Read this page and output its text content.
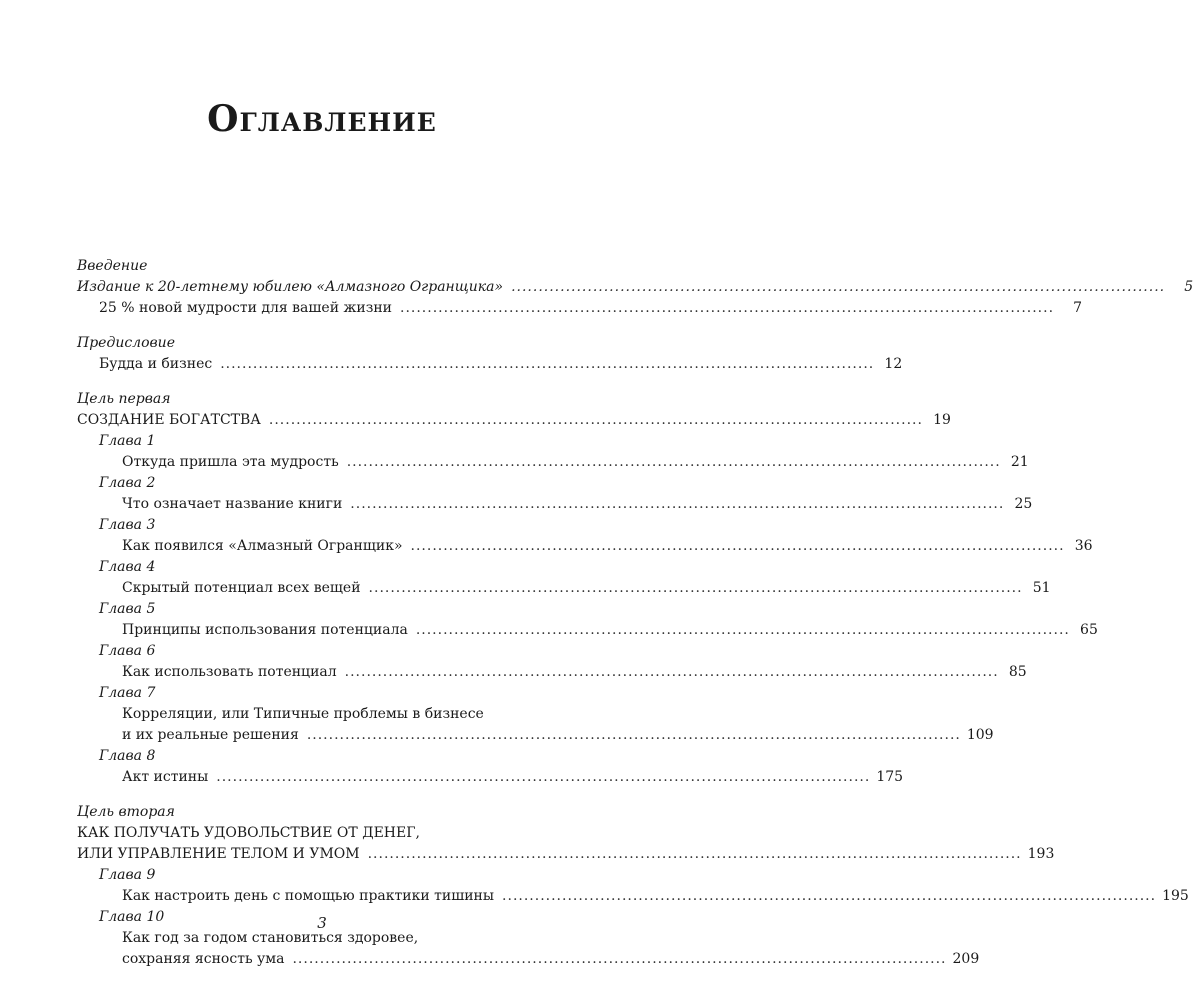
Оглавление
Введение
Издание к 20-летнему юбилею «Алмазного Огранщика» ........................................................................................................................	5
25 % новой мудрости для вашей жизни ........................................................................................................................	7
Предисловие
Будда и бизнес ........................................................................................................................ 12
Цель первая
СОЗДАНИЕ БОГАТСТВА ........................................................................................................................ 19
Глава 1
Откуда пришла эта мудрость ........................................................................................................................ 21
Глава 2
Что означает название книги ........................................................................................................................ 25
Глава 3
Как появился «Алмазный Огранщик» ........................................................................................................................ 36
Глава 4
Скрытый потенциал всех вещей ........................................................................................................................ 51
Глава 5
Принципы использования потенциала ........................................................................................................................ 65
Глава 6
Как использовать потенциал ........................................................................................................................ 85
Глава 7
Корреляции, или Типичные проблемы в бизнесе
и их реальные решения ........................................................................................................................ 109
Глава 8
Акт истины ........................................................................................................................ 175
Цель вторая
КАК ПОЛУЧАТЬ УДОВОЛЬСТВИЕ ОТ ДЕНЕГ,
ИЛИ УПРАВЛЕНИЕ ТЕЛОМ И УМОМ ........................................................................................................................ 193
Глава 9
Как настроить день с помощью практики тишины ........................................................................................................................ 195
Глава 10
Как год за годом становиться здоровее,
сохраняя ясность ума ........................................................................................................................ 209
3
